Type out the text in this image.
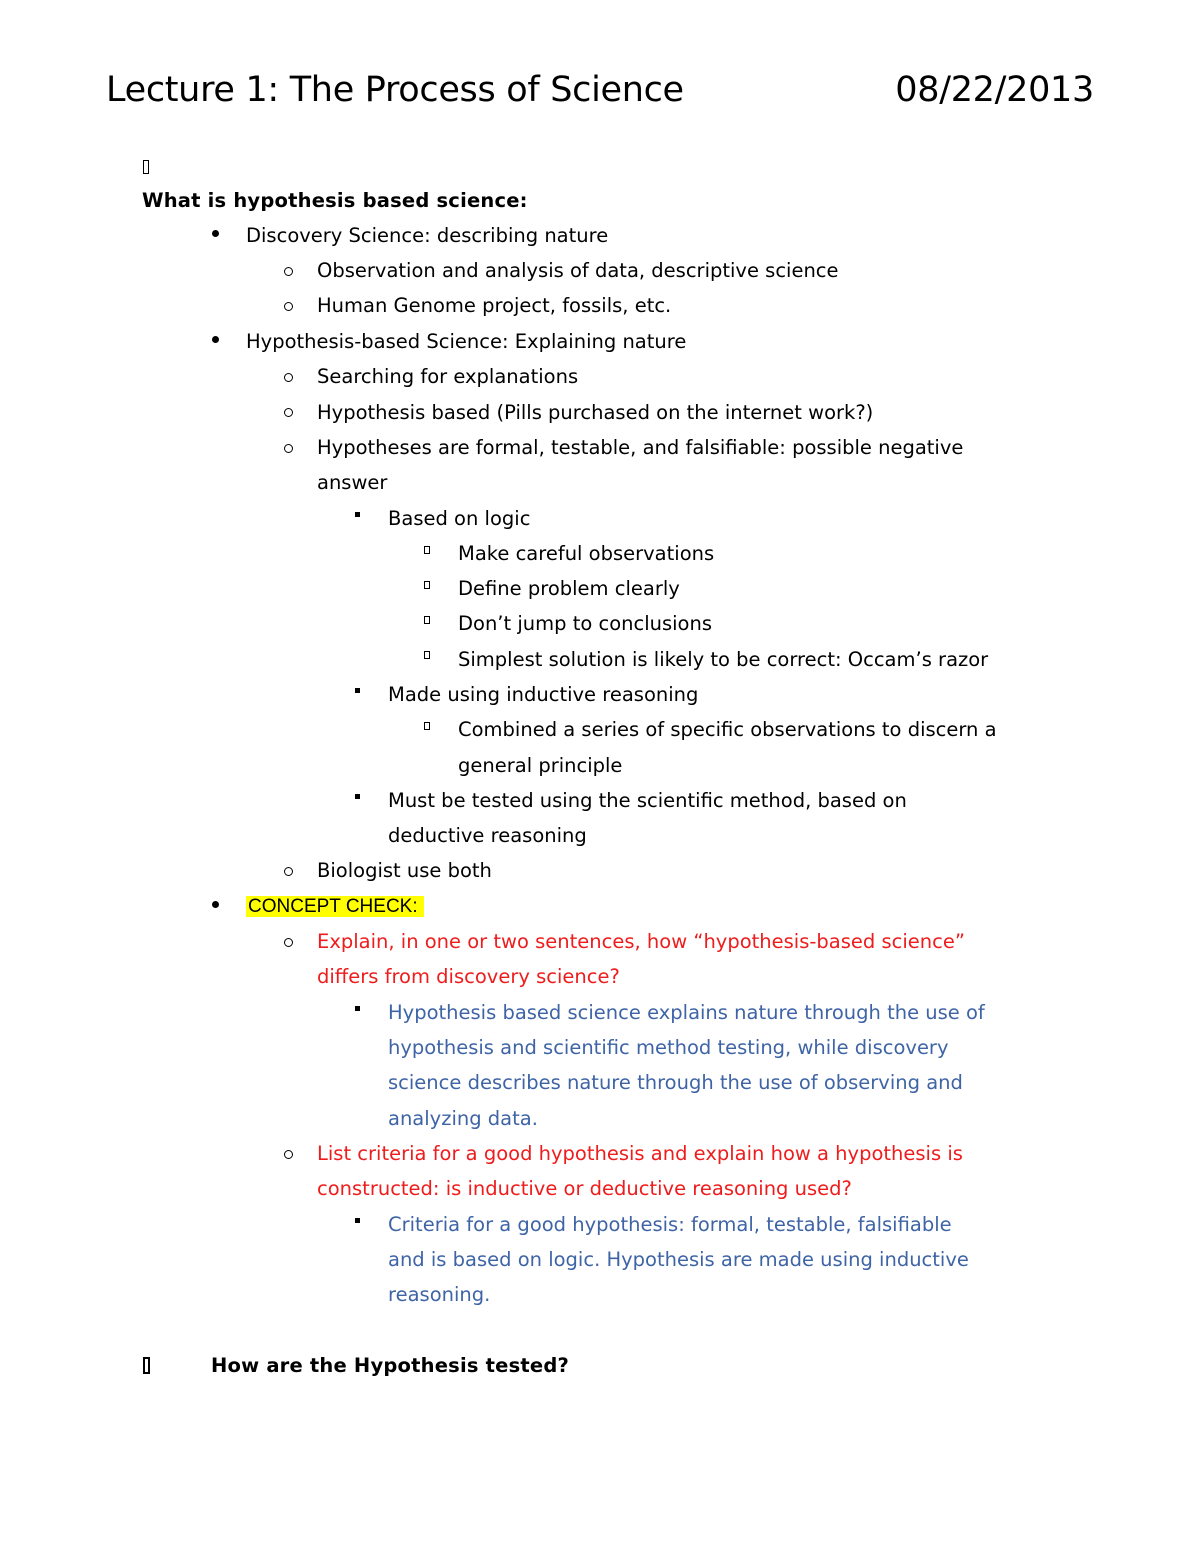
Lecture 1: The Process of Science	08/22/2013
What is hypothesis based science:
Discovery Science: describing nature
Observation and analysis of data, descriptive science
Human Genome project, fossils, etc.
Hypothesis-based Science: Explaining nature
Searching for explanations
Hypothesis based (Pills purchased on the internet work?)
Hypotheses are formal, testable, and falsifiable: possible negative
answer
Based on logic
Make careful observations
Define problem clearly
Don’t jump to conclusions
Simplest solution is likely to be correct: Occam’s razor
Made using inductive reasoning
Combined a series of specific observations to discern a
general principle
Must be tested using the scientific method, based on
deductive reasoning
Biologist use both
CONCEPT CHECK:
Explain, in one or two sentences, how “hypothesis-based science”
differs from discovery science?
Hypothesis based science explains nature through the use of
hypothesis and scientific method testing, while discovery
science describes nature through the use of observing and
analyzing data.
List criteria for a good hypothesis and explain how a hypothesis is
constructed: is inductive or deductive reasoning used?
Criteria for a good hypothesis: formal, testable, falsifiable
and is based on logic. Hypothesis are made using inductive
reasoning.
How are the Hypothesis tested?
